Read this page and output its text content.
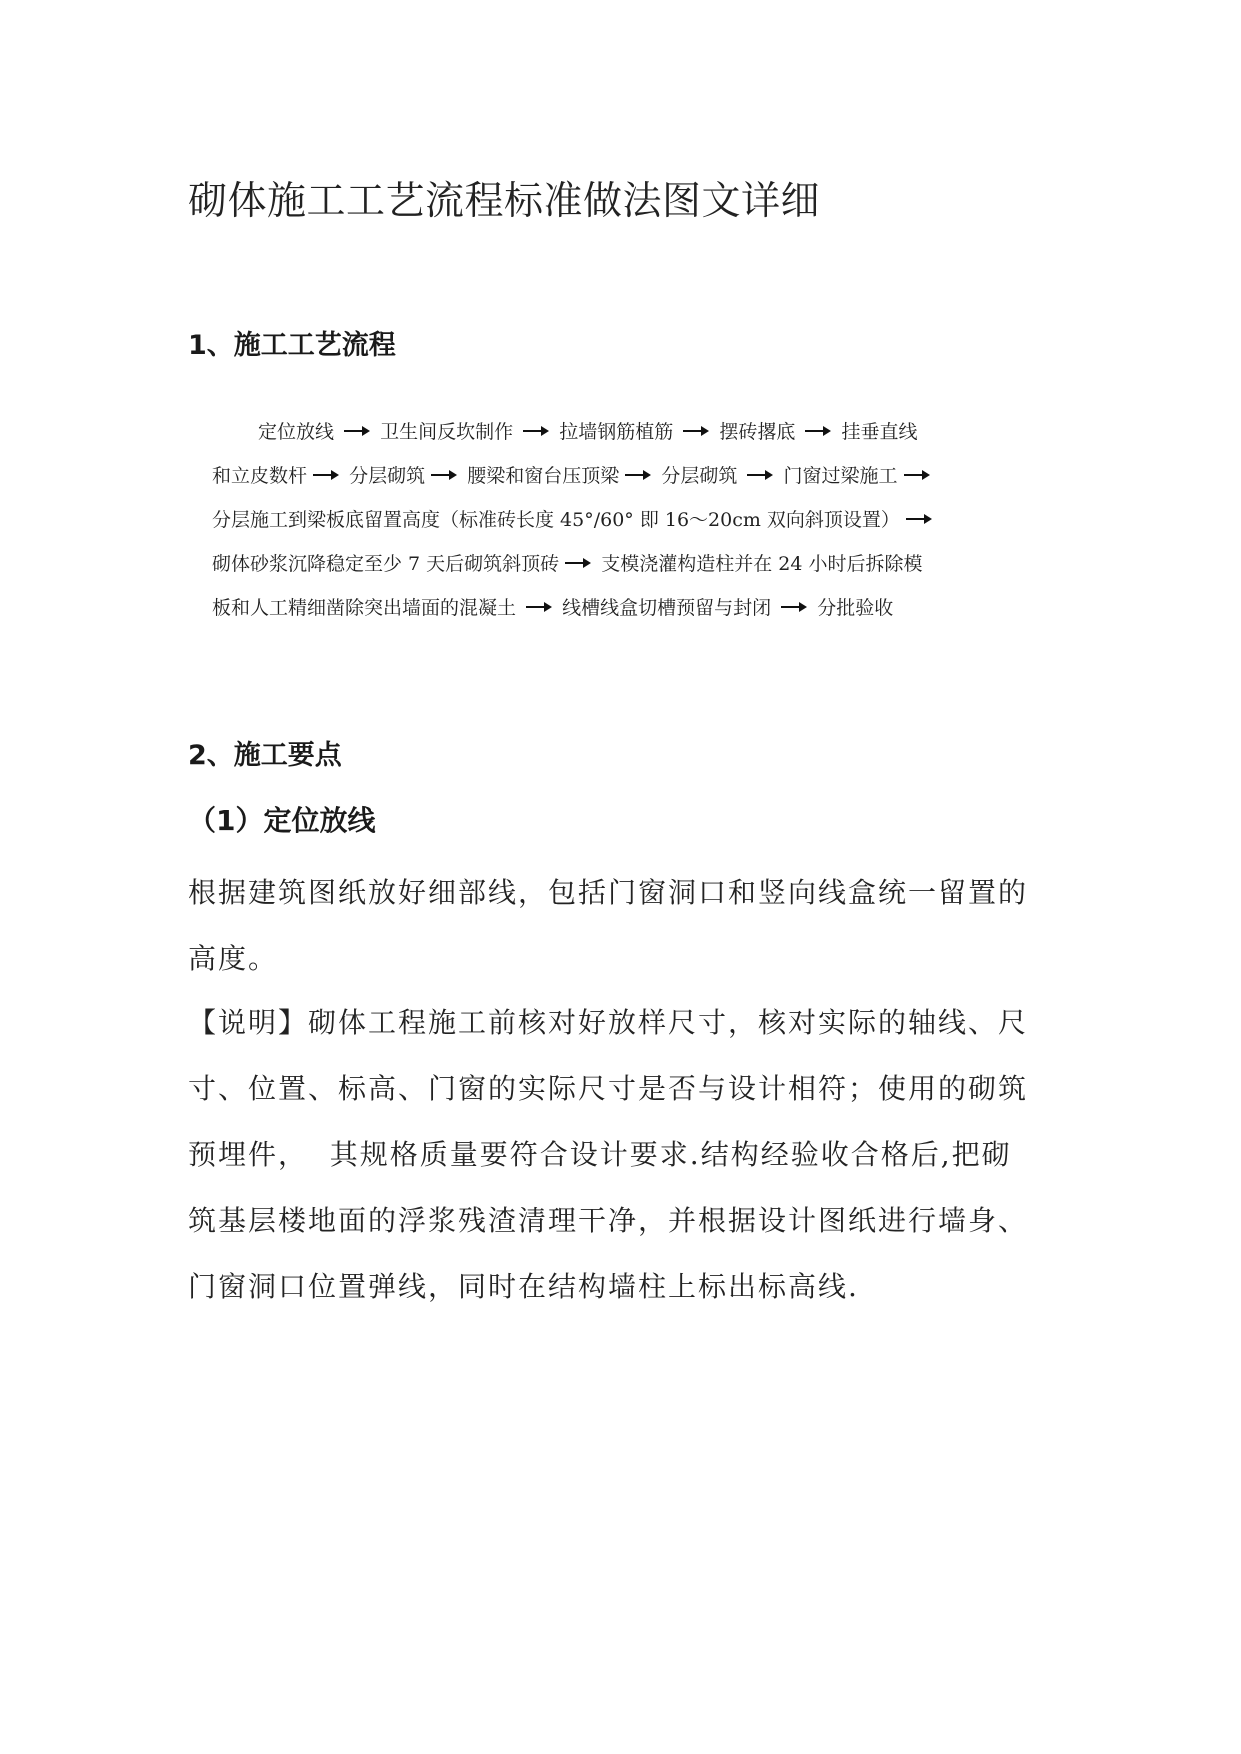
砌体施工工艺流程标准做法图文详细
1、施工工艺流程
定位放线 卫生间反坎制作 拉墙钢筋植筋 摆砖撂底 挂垂直线
和立皮数杆 分层砌筑 腰梁和窗台压顶梁 分层砌筑 门窗过梁施工
分层施工到梁板底留置高度（标准砖长度 45°/60° 即 16～20cm 双向斜顶设置）
砌体砂浆沉降稳定至少 7 天后砌筑斜顶砖 支模浇灌构造柱并在 24 小时后拆除模
板和人工精细凿除突出墙面的混凝土 线槽线盒切槽预留与封闭 分批验收
2、施工要点
（1）定位放线
根据建筑图纸放好细部线，包括门窗洞口和竖向线盒统一留置的
高度。
【说明】砌体工程施工前核对好放样尺寸，核对实际的轴线、尺
寸、位置、标高、门窗的实际尺寸是否与设计相符；使用的砌筑
预埋件，  其规格质量要符合设计要求.结构经验收合格后,把砌
筑基层楼地面的浮浆残渣清理干净，并根据设计图纸进行墙身、
门窗洞口位置弹线，同时在结构墙柱上标出标高线.
